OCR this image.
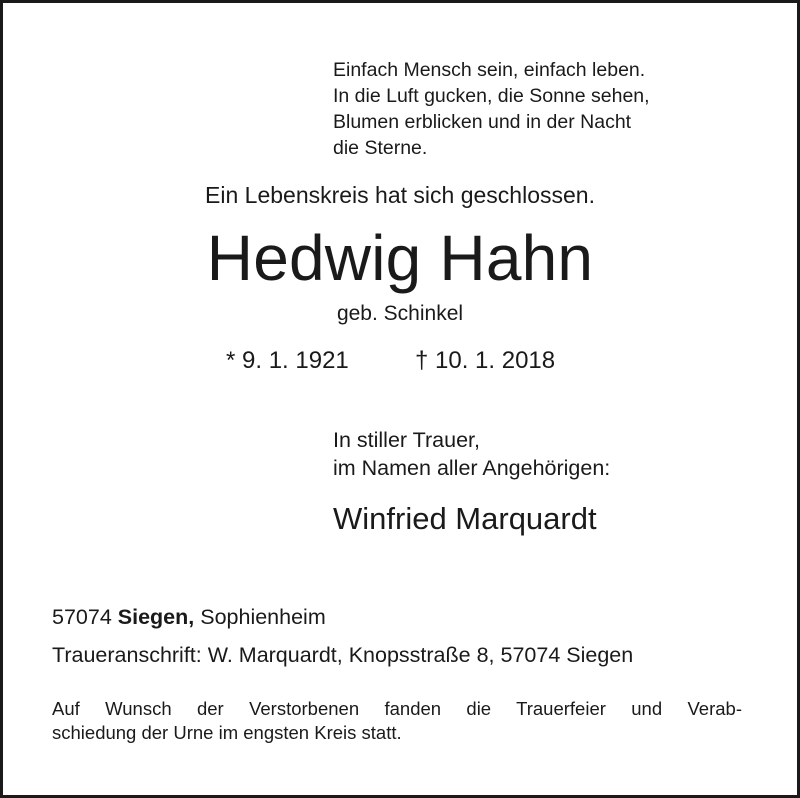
Einfach Mensch sein, einfach leben.
In die Luft gucken, die Sonne sehen,
Blumen erblicken und in der Nacht
die Sterne.
Ein Lebenskreis hat sich geschlossen.
Hedwig Hahn
geb. Schinkel
* 9. 1. 1921	† 10. 1. 2018
In stiller Trauer,
im Namen aller Angehörigen:
Winfried Marquardt
57074 Siegen, Sophienheim
Traueranschrift: W. Marquardt, Knopsstraße 8, 57074 Siegen
Auf Wunsch der Verstorbenen fanden die Trauerfeier und Verab-
schiedung der Urne im engsten Kreis statt.
